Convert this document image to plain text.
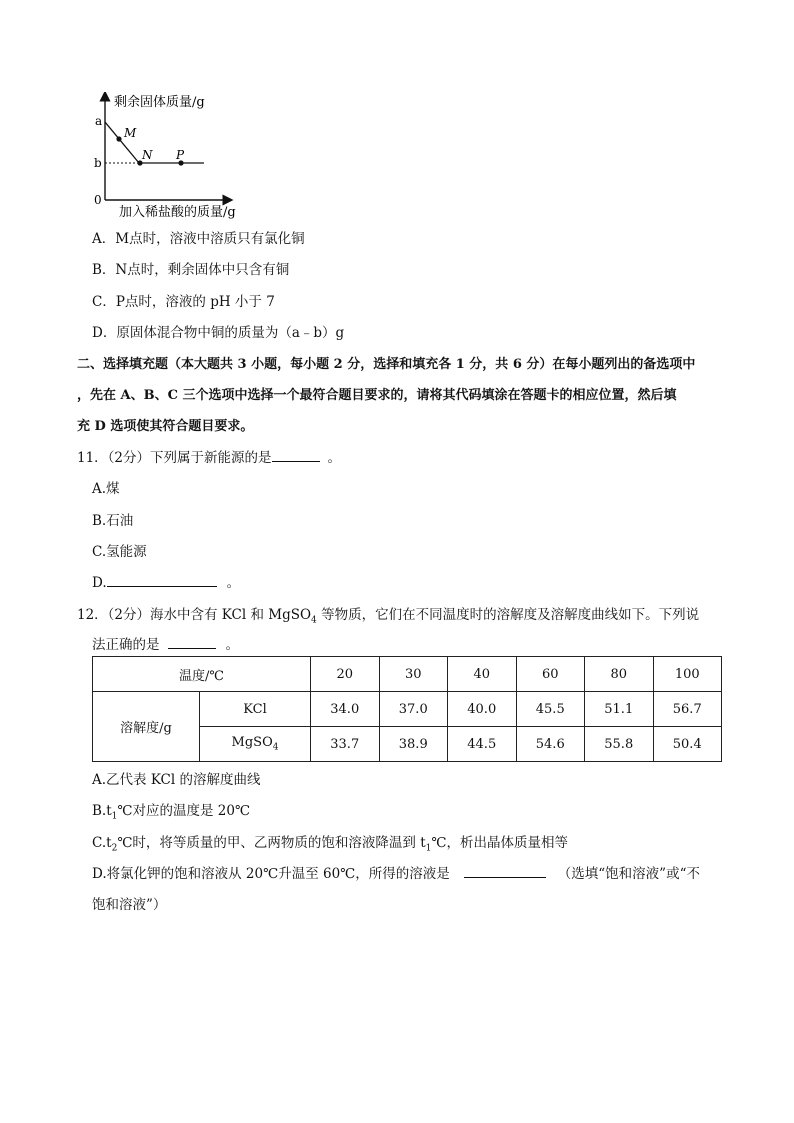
剩余固体质量/g
a
b
0
M
N P
加入稀盐酸的质量/g
A．M点时，溶液中溶质只有氯化铜
B．N点时，剩余固体中只含有铜
C．P点时，溶液的 pH 小于 7
D．原固体混合物中铜的质量为（a﹣b）g
二、选择填充题（本大题共 3 小题，每小题 2 分，选择和填充各 1 分，共 6 分）在每小题列出的备选项中
，先在 A、B、C 三个选项中选择一个最符合题目要求的，请将其代码填涂在答题卡的相应位置，然后填
充 D 选项使其符合题目要求。
11．（2分）下列属于新能源的是	。
A.煤
B.石油
C.氢能源
D.	。
12．（2分）海水中含有 KCl 和 MgSO$_4$ 等物质，它们在不同温度时的溶解度及溶解度曲线如下。下列说
法正确的是	。
温度/℃		20	30	40	60	80	100
溶解度/g	KCl	34.0	37.0	40.0	45.5	51.1	56.7
	MgSO$_4$	33.7	38.9	44.5	54.6	55.8	50.4
A.乙代表 KCl 的溶解度曲线
$B.t_1℃$对应的温度是 20℃
$C.t_2℃$时，将等质量的甲、乙两物质的饱和溶液降温到 $t_1℃$，析出晶体质量相等
D.将氯化钾的饱和溶液从 20℃升温至 60℃，所得的溶液是	（选填“饱和溶液”或“不
饱和溶液”）
